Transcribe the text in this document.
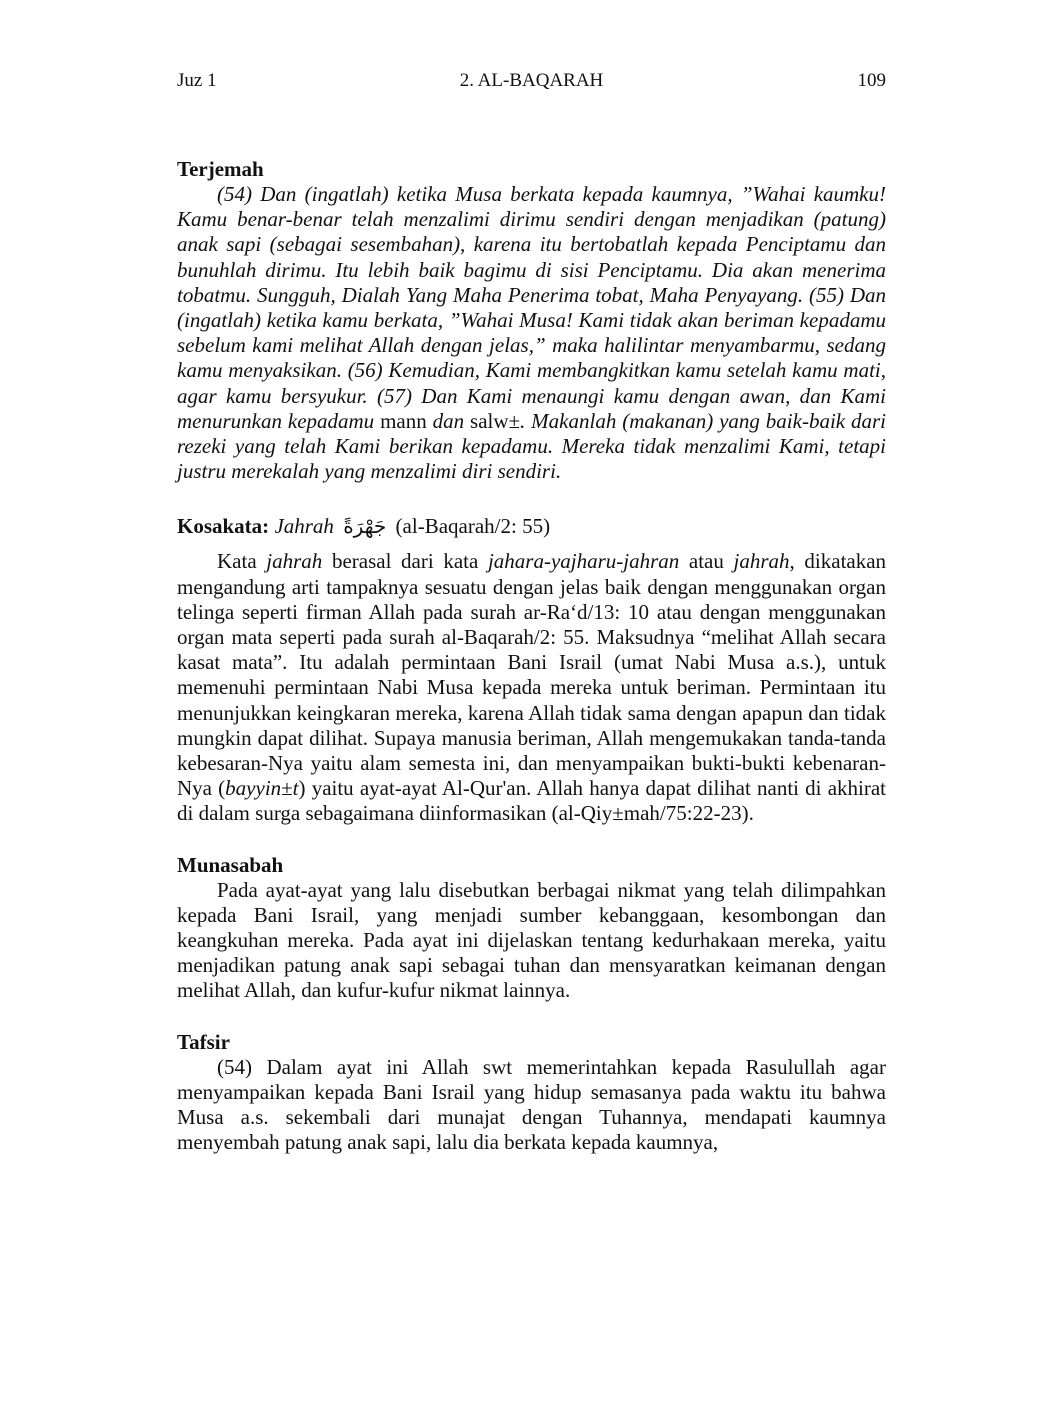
Juz 1	2. AL-BAQARAH	109
Terjemah

(54) Dan (ingatlah) ketika Musa berkata kepada kaumnya, ”Wahai kaumku! Kamu benar-benar telah menzalimi dirimu sendiri dengan menjadikan (patung) anak sapi (sebagai sesembahan), karena itu bertobatlah kepada Penciptamu dan bunuhlah dirimu. Itu lebih baik bagimu di sisi Penciptamu. Dia akan menerima tobatmu. Sungguh, Dialah Yang Maha Penerima tobat, Maha Penyayang. (55) Dan (ingatlah) ketika kamu berkata, ”Wahai Musa! Kami tidak akan beriman kepadamu sebelum kami melihat Allah dengan jelas,” maka halilintar menyambarmu, sedang kamu menyaksikan. (56) Kemudian, Kami membangkitkan kamu setelah kamu mati, agar kamu bersyukur. (57) Dan Kami menaungi kamu dengan awan, dan Kami menurunkan kepadamu mann dan salw±. Makanlah (makanan) yang baik-baik dari rezeki yang telah Kami berikan kepadamu. Mereka tidak menzalimi Kami, tetapi justru merekalah yang menzalimi diri sendiri.

Kosakata: Jahrah جَهْرَةً (al-Baqarah/2: 55)

Kata jahrah berasal dari kata jahara-yajharu-jahran atau jahrah, dikatakan mengandung arti tampaknya sesuatu dengan jelas baik dengan menggunakan organ telinga seperti firman Allah pada surah ar-Ra‘d/13: 10 atau dengan menggunakan organ mata seperti pada surah al-Baqarah/2: 55. Maksudnya “melihat Allah secara kasat mata”. Itu adalah permintaan Bani Israil (umat Nabi Musa a.s.), untuk memenuhi permintaan Nabi Musa kepada mereka untuk beriman. Permintaan itu menunjukkan keingkaran mereka, karena Allah tidak sama dengan apapun dan tidak mungkin dapat dilihat. Supaya manusia beriman, Allah mengemukakan tanda-tanda kebesaran-Nya yaitu alam semesta ini, dan menyampaikan bukti-bukti kebenaran-Nya (bayyin±t) yaitu ayat-ayat Al-Qur'an. Allah hanya dapat dilihat nanti di akhirat di dalam surga sebagaimana diinformasikan (al-Qiy±mah/75:22-23).

Munasabah

Pada ayat-ayat yang lalu disebutkan berbagai nikmat yang telah dilimpahkan kepada Bani Israil, yang menjadi sumber kebanggaan, kesombongan dan keangkuhan mereka. Pada ayat ini dijelaskan tentang kedurhakaan mereka, yaitu menjadikan patung anak sapi sebagai tuhan dan mensyaratkan keimanan dengan melihat Allah, dan kufur-kufur nikmat lainnya.

Tafsir

(54) Dalam ayat ini Allah swt memerintahkan kepada Rasulullah agar menyampaikan kepada Bani Israil yang hidup semasanya pada waktu itu bahwa Musa a.s. sekembali dari munajat dengan Tuhannya, mendapati kaumnya menyembah patung anak sapi, lalu dia berkata kepada kaumnya,
